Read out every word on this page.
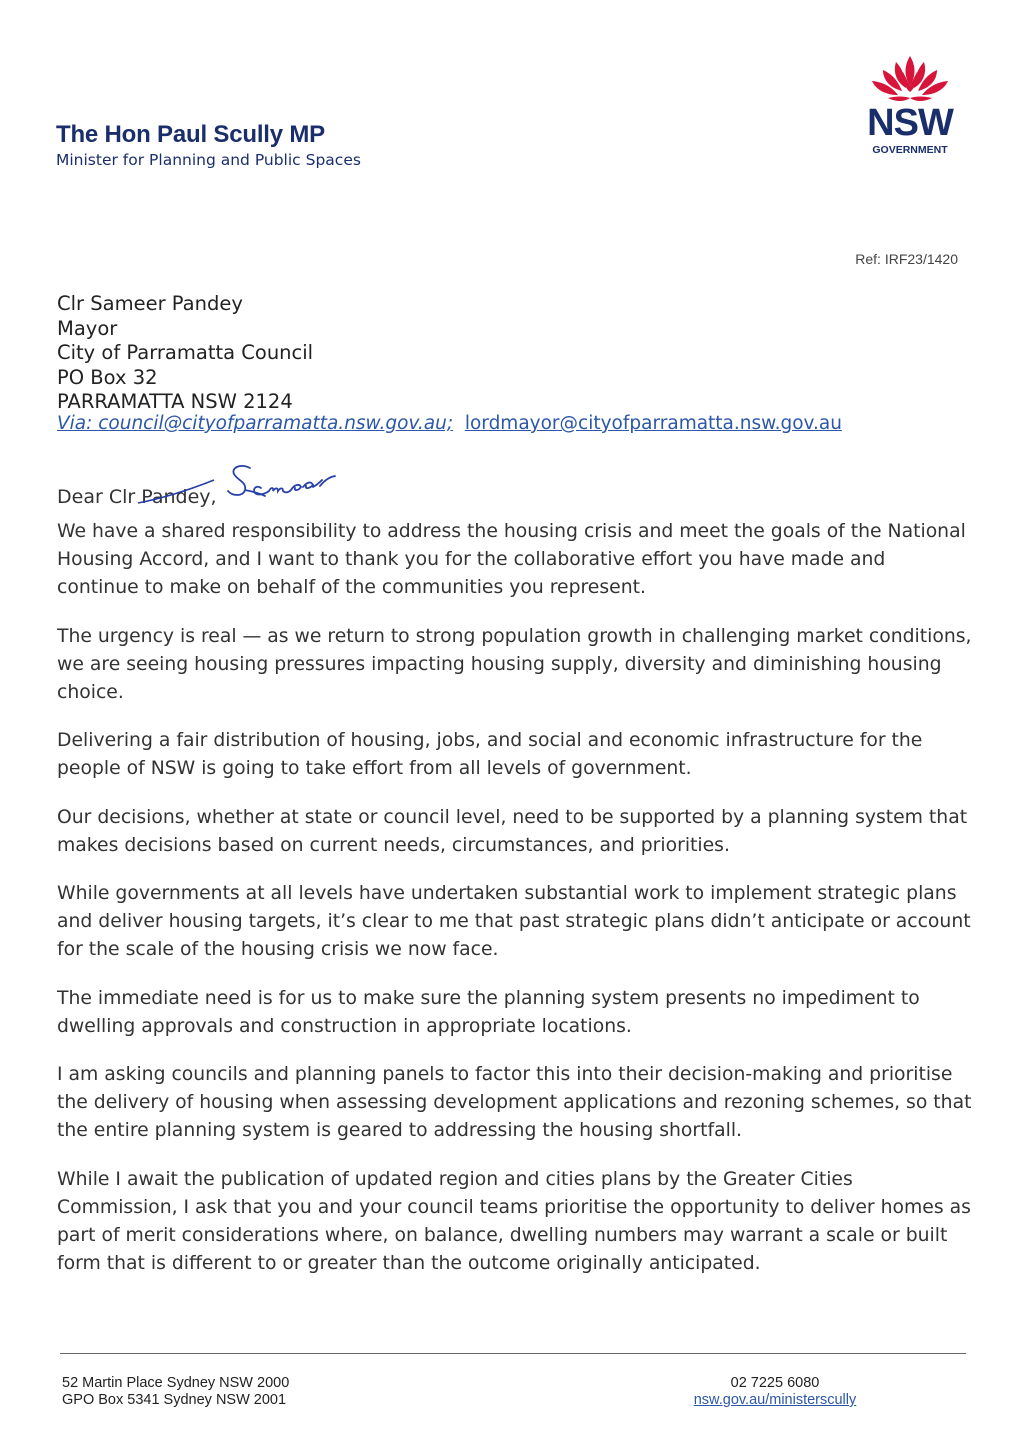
The Hon Paul Scully MP
Minister for Planning and Public Spaces
NSW
GOVERNMENT
Ref: IRF23/1420
Clr Sameer Pandey
Mayor
City of Parramatta Council
PO Box 32
PARRAMATTA NSW 2124
Via: council@cityofparramatta.nsw.gov.au; lordmayor@cityofparramatta.nsw.gov.au
Dear Clr Pandey,

We have a shared responsibility to address the housing crisis and meet the goals of the National Housing Accord, and I want to thank you for the collaborative effort you have made and continue to make on behalf of the communities you represent.

The urgency is real — as we return to strong population growth in challenging market conditions, we are seeing housing pressures impacting housing supply, diversity and diminishing housing choice.

Delivering a fair distribution of housing, jobs, and social and economic infrastructure for the people of NSW is going to take effort from all levels of government.

Our decisions, whether at state or council level, need to be supported by a planning system that makes decisions based on current needs, circumstances, and priorities.

While governments at all levels have undertaken substantial work to implement strategic plans and deliver housing targets, it’s clear to me that past strategic plans didn’t anticipate or account for the scale of the housing crisis we now face.

The immediate need is for us to make sure the planning system presents no impediment to dwelling approvals and construction in appropriate locations.

I am asking councils and planning panels to factor this into their decision-making and prioritise the delivery of housing when assessing development applications and rezoning schemes, so that the entire planning system is geared to addressing the housing shortfall.

While I await the publication of updated region and cities plans by the Greater Cities Commission, I ask that you and your council teams prioritise the opportunity to deliver homes as part of merit considerations where, on balance, dwelling numbers may warrant a scale or built form that is different to or greater than the outcome originally anticipated.

52 Martin Place Sydney NSW 2000
GPO Box 5341 Sydney NSW 2001
02 7225 6080
nsw.gov.au/ministerscully
